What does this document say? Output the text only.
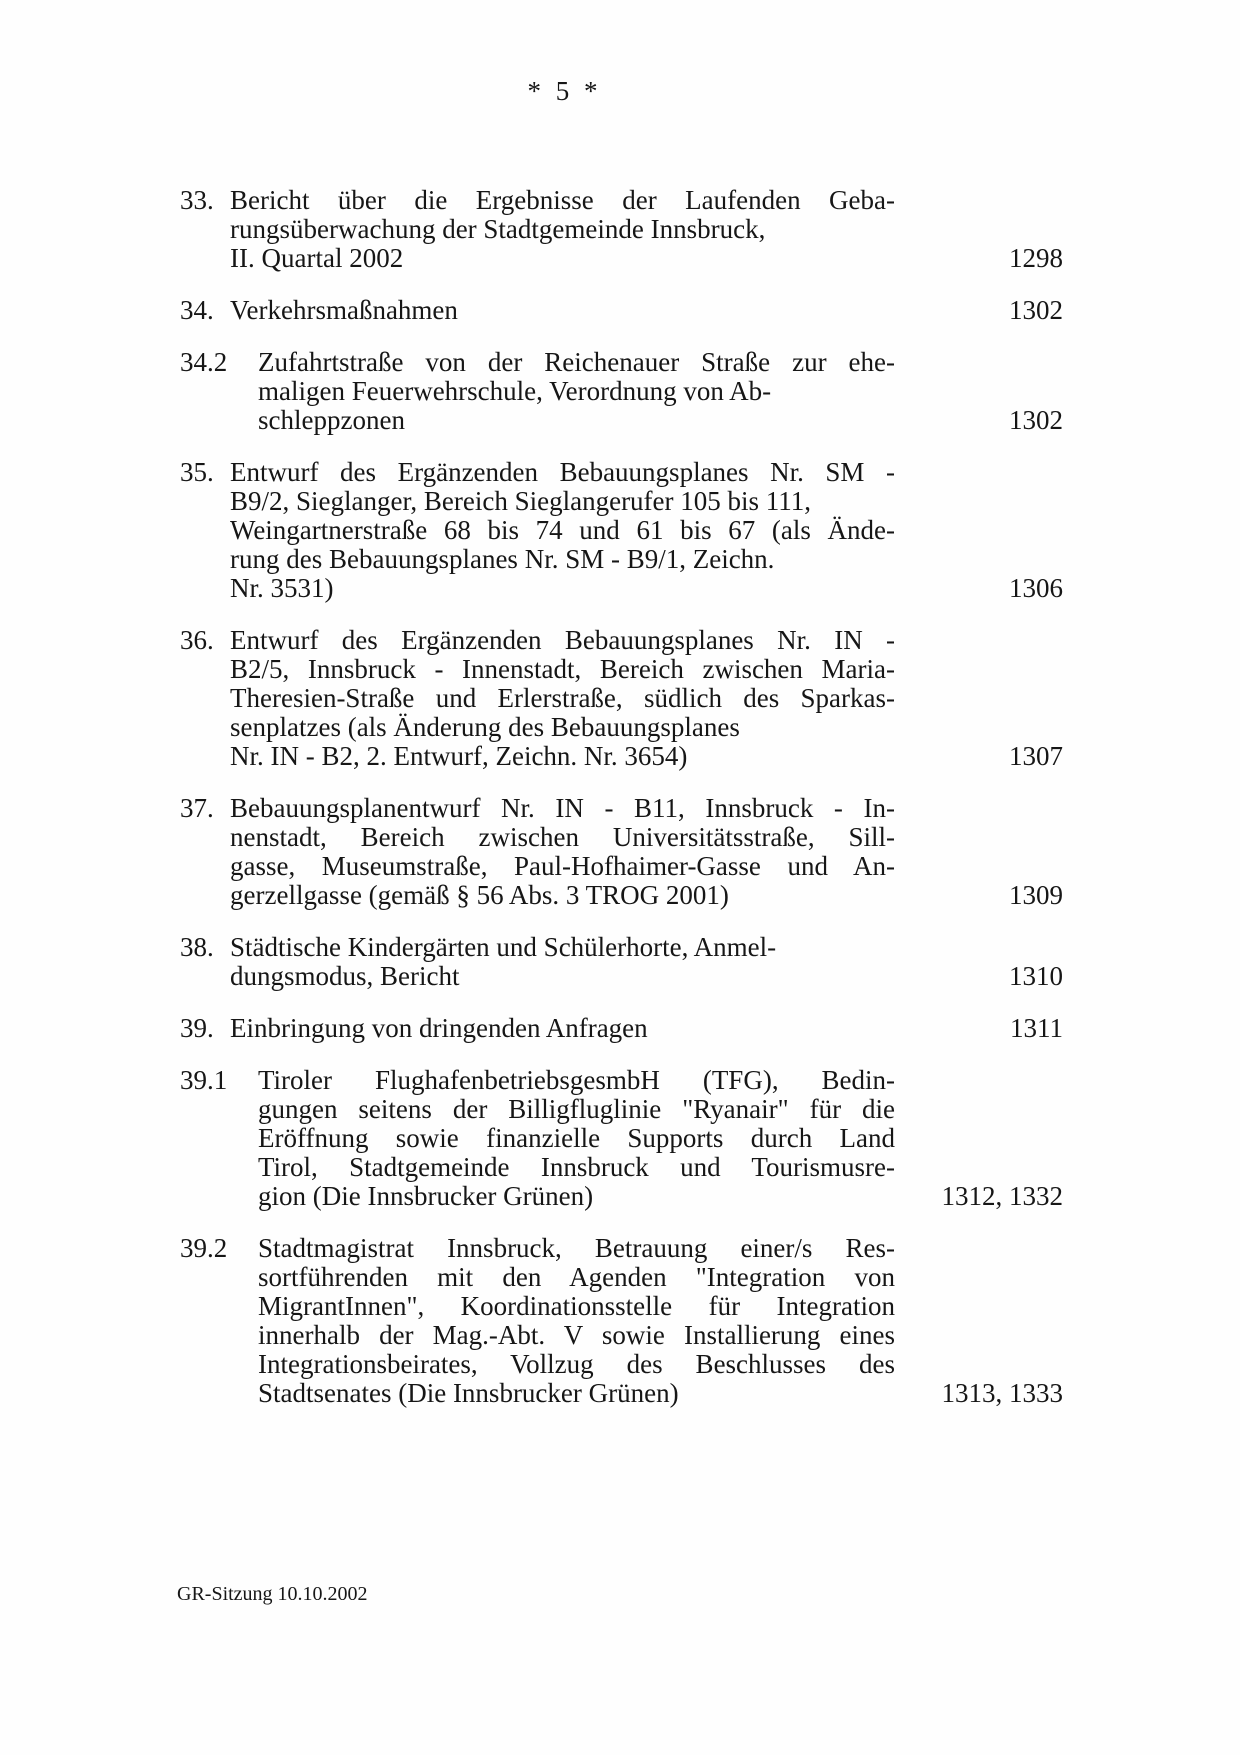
* 5 *
33. Bericht über die Ergebnisse der Laufenden Geba-
rungsüberwachung der Stadtgemeinde Innsbruck,
II. Quartal 2002	1298
34. Verkehrsmaßnahmen	1302
34.2	Zufahrtstraße von der Reichenauer Straße zur ehe-
maligen Feuerwehrschule, Verordnung von Ab-
schleppzonen	1302
35. Entwurf des Ergänzenden Bebauungsplanes Nr. SM -
B9/2, Sieglanger, Bereich Sieglangerufer 105 bis 111,
Weingartnerstraße 68 bis 74 und 61 bis 67 (als Ände-
rung des Bebauungsplanes Nr. SM - B9/1, Zeichn.
Nr. 3531)	1306
36. Entwurf des Ergänzenden Bebauungsplanes Nr. IN -
B2/5, Innsbruck - Innenstadt, Bereich zwischen Maria-
Theresien-Straße und Erlerstraße, südlich des Sparkas-
senplatzes (als Änderung des Bebauungsplanes
Nr. IN - B2, 2. Entwurf, Zeichn. Nr. 3654)	1307
37. Bebauungsplanentwurf Nr. IN - B11, Innsbruck - In-
nenstadt, Bereich zwischen Universitätsstraße, Sill-
gasse, Museumstraße, Paul-Hofhaimer-Gasse und An-
gerzellgasse (gemäß § 56 Abs. 3 TROG 2001)	1309
38. Städtische Kindergärten und Schülerhorte, Anmel-
dungsmodus, Bericht	1310
39. Einbringung von dringenden Anfragen	1311
39.1	Tiroler FlughafenbetriebsgesmbH (TFG), Bedin-
gungen seitens der Billigfluglinie "Ryanair" für die
Eröffnung sowie finanzielle Supports durch Land
Tirol, Stadtgemeinde Innsbruck und Tourismusre-
gion (Die Innsbrucker Grünen)	1312, 1332
39.2	Stadtmagistrat Innsbruck, Betrauung einer/s Res-
sortführenden mit den Agenden "Integration von
MigrantInnen", Koordinationsstelle für Integration
innerhalb der Mag.-Abt. V sowie Installierung eines
Integrationsbeirates, Vollzug des Beschlusses des
Stadtsenates (Die Innsbrucker Grünen)	1313, 1333
GR-Sitzung 10.10.2002
